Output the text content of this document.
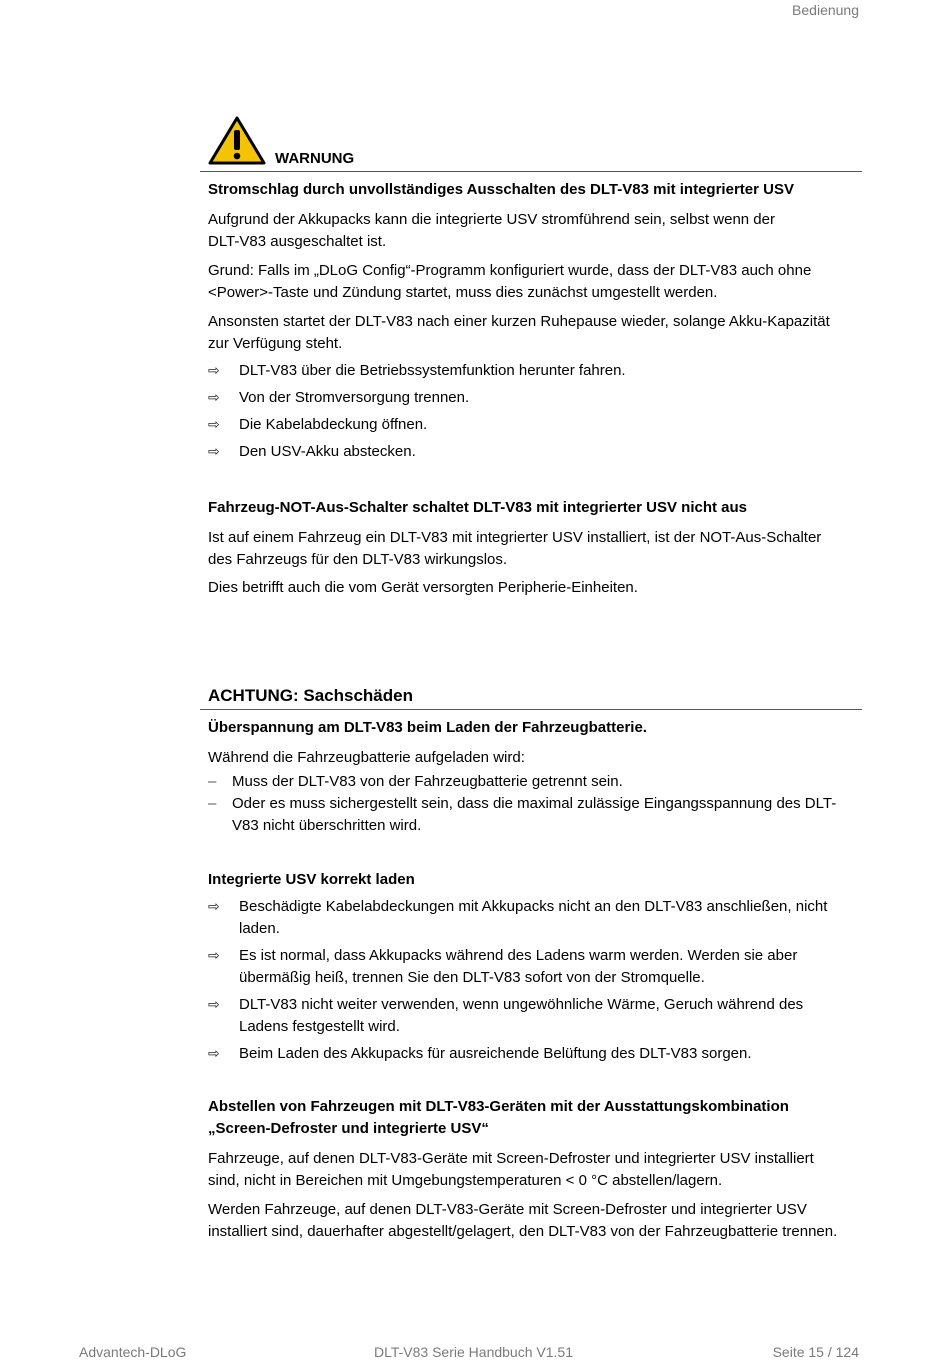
Bedienung
WARNUNG

Stromschlag durch unvollständiges Ausschalten des DLT-V83 mit integrierter USV

Aufgrund der Akkupacks kann die integrierte USV stromführend sein, selbst wenn der

DLT-V83 ausgeschaltet ist.

Grund: Falls im „DLoG Config“-Programm konfiguriert wurde, dass der DLT-V83 auch ohne

<Power>-Taste und Zündung startet, muss dies zunächst umgestellt werden.

Ansonsten startet der DLT-V83 nach einer kurzen Ruhepause wieder, solange Akku-Kapazität

zur Verfügung steht.

⇨ DLT-V83 über die Betriebssystemfunktion herunter fahren.
⇨ Von der Stromversorgung trennen.
⇨ Die Kabelabdeckung öffnen.
⇨ Den USV-Akku abstecken.

Fahrzeug-NOT-Aus-Schalter schaltet DLT-V83 mit integrierter USV nicht aus

Ist auf einem Fahrzeug ein DLT-V83 mit integrierter USV installiert, ist der NOT-Aus-Schalter

des Fahrzeugs für den DLT-V83 wirkungslos.

Dies betrifft auch die vom Gerät versorgten Peripherie-Einheiten.

ACHTUNG: Sachschäden

Überspannung am DLT-V83 beim Laden der Fahrzeugbatterie.

Während die Fahrzeugbatterie aufgeladen wird:

– Muss der DLT-V83 von der Fahrzeugbatterie getrennt sein.
– Oder es muss sichergestellt sein, dass die maximal zulässige Eingangsspannung des DLT-
V83 nicht überschritten wird.

Integrierte USV korrekt laden

⇨ Beschädigte Kabelabdeckungen mit Akkupacks nicht an den DLT-V83 anschließen, nicht
laden.
⇨ Es ist normal, dass Akkupacks während des Ladens warm werden. Werden sie aber
übermäßig heiß, trennen Sie den DLT-V83 sofort von der Stromquelle.
⇨ DLT-V83 nicht weiter verwenden, wenn ungewöhnliche Wärme, Geruch während des
Ladens festgestellt wird.
⇨ Beim Laden des Akkupacks für ausreichende Belüftung des DLT-V83 sorgen.

Abstellen von Fahrzeugen mit DLT-V83-Geräten mit der Ausstattungskombination

„Screen-Defroster und integrierte USV“

Fahrzeuge, auf denen DLT-V83-Geräte mit Screen-Defroster und integrierter USV installiert

sind, nicht in Bereichen mit Umgebungstemperaturen < 0 °C abstellen/lagern.

Werden Fahrzeuge, auf denen DLT-V83-Geräte mit Screen-Defroster und integrierter USV

installiert sind, dauerhafter abgestellt/gelagert, den DLT-V83 von der Fahrzeugbatterie trennen.

Advantech-DLoG	DLT-V83 Serie Handbuch V1.51	Seite 15 / 124
